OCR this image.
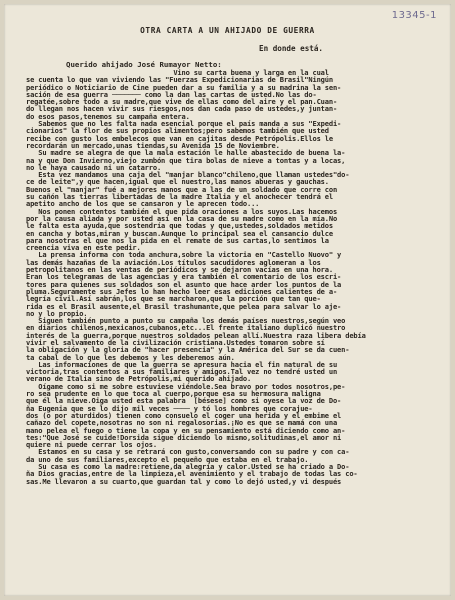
13345-1
OTRA CARTA A UN AHIJADO DE GUERRA
En donde está.
Querido ahijado José Rumayor Netto:
Vino su carta buena y larga en la cual
se cuenta lo que van viviendo las "Fuerzas Expedicionarias de Brasil"Ningún
periódico o Noticiario de Cine pueden dar a su familia y a su madrina la sen-
sación de esa guerra ─────── como la dan las cartas de usted.No las do-
regatée,sobre todo a su madre,que vive de ellas como del aire y el pan.Cuan-
do llegan nos hacen vivir sus riesgos,nos dan cada paso de ustedes,y juntan-
do esos pasos,tenemos su campaña entera.
Sabemos que no les falta nada esencial porque el país manda a sus "Expedi-
cionarios" la flor de sus propios alimentos;pero sabemos también que usted
recibe con gusto los embelecos que van en cajitas desde Petrópolis.Ellos le
recordarán un mercado,unas tiendas,su Avenida 15 de Noviembre.
Su madre se alegra de que la mala estación le halle abastecido de buena la-
na y que Don Invierno,viejo zumbón que tira bolas de nieve a tontas y a locas,
no le haya causado ni un catarro.
Esta vez mandamos una caja del "manjar blanco"chileno,que llaman ustedes"do-
ce de leite",y que hacen,igual que el nuestro,las manos abueras y gauchas.
Buenos el "manjar" fué a mejores manos que a las de un soldado que corre con
su cañón las tierras libertadas de la madre Italia y el anochecer tendrá el
apetito ancho de los que se cansaron y le aprecen todo...
Nos ponen contentos también el que pida oraciones a los suyos.Las hacemos
por la causa aliada y por usted así en la casa de su madre como en la mía.No
le falta esta ayuda,que sostendría que todas y que,ustedes,soldados metidos
en cancha y botas,miran y buscan.Aunque lo principal sea el cansancio dulce
para nosotras el que nos la pida en el remate de sus cartas,lo sentimos la
creencia viva en este pedir.
La prensa informa con toda anchura,sobre la victoria en "Castello Nuovo" y
las demás hazañas de la aviación.Los títulos sacudidores aglomeran a los
petropolitanos en las ventas de periódicos y se dejaron vacías en una hora.
Eran los telegramas de las agencias y era también el comentario de los escri-
tores para quienes sus soldados son el asunto que hace arder los puntos de la
pluma.Seguramente sus Jefes lo han hecho leer esas ediciones calientes de a-
legría civil.Así sabrán,los que se marcharon,que la porción que tan que-
rida es el Brasil ausente,el Brasil trashumante,que pelea para salvar lo aje-
no y lo propio.
Siguen también punto a punto su campaña los demás países nuestros,según veo
en diarios chilenos,mexicanos,cubanos,etc...El frente italiano duplicó nuestro
interés de la guerra,porque nuestros soldados pelean allí.Nuestra raza libera debía
vivir el salvamento de la civilización cristiana.Ustedes tomaron sobre sí
la obligación y la gloria de "hacer presencia" y la América del Sur se da cuen-
ta cabal de lo que les debemos y les deberemos aún.
Las informaciones de que la guerra se apresura hacia el fin natural de su
victoria,tras contentos a sus familiares y amigos.Tal vez no tendré usted un
verano de Italia sino de Petrópolis,mi querido ahijado.
Oígame como si me sobre estuviese viéndole.Sea bravo por todos nosotros,pe-
ro sea prudente en lo que toca al cuerpo,porque esa su hermosura maligna
que él la nieve.Oiga usted esta palabra  [bésese] como si oyese la voz de Do-
ña Eugenia que se lo dijo mil veces ──── y tó los hombres que corajue-
dos (o por aturdidos) tienen como consuelo el coger una herida y el embime el
cañazo del copete,nosotras no son ni regalosorias.¡No es que se mamá con una
mano pelea el fuego o tiene la copa y en su pensamiento está diciendo como an-
tes:"Que José se cuide!Dorsida sigue diciendo lo mismo,solitudinas,el amor ni
quiere ni puede cerrar los ojos.
Estamos en su casa y se retrará con gusto,conversando con su padre y con ca-
da uno de sus familiares,excepto el pequeño que estaba en el trabajo.
Su casa es como la madre:retiene,da alegría y calor.Usted se ha criado a Do-
ña Dios gracias,entre de la limpieza,el avenimiento y el trabajo de todas las co-
sas.Me llevaron a su cuarto,que guardan tal y como lo dejó usted,y vi después
